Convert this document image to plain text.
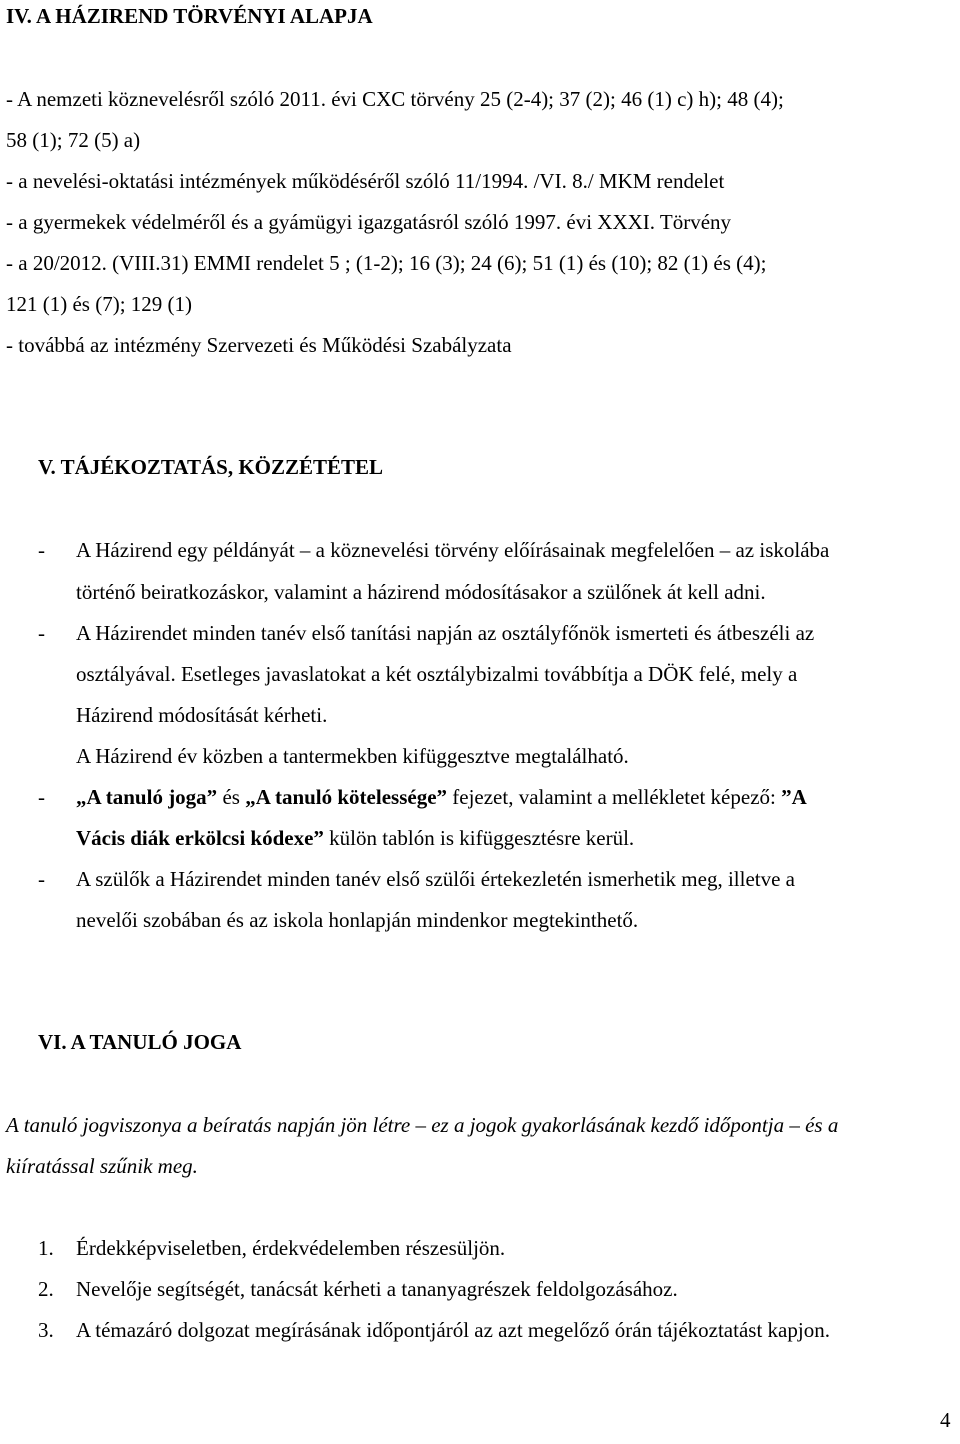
IV. A HÁZIREND TÖRVÉNYI ALAPJA
- A nemzeti köznevelésről szóló 2011. évi CXC törvény 25 (2-4); 37 (2); 46 (1) c) h); 48 (4);
58 (1); 72 (5) a)
- a nevelési-oktatási intézmények működéséről szóló 11/1994. /VI. 8./ MKM rendelet
- a gyermekek védelméről és a gyámügyi igazgatásról szóló 1997. évi XXXI. Törvény
- a 20/2012. (VIII.31) EMMI rendelet 5 ; (1-2); 16 (3); 24 (6); 51 (1) és (10); 82 (1) és (4);
121 (1) és (7); 129 (1)
- továbbá az intézmény Szervezeti és Működési Szabályzata
V. TÁJÉKOZTATÁS, KÖZZÉTÉTEL
- A Házirend egy példányát – a köznevelési törvény előírásainak megfelelően – az iskolába
történő beiratkozáskor, valamint a házirend módosításakor a szülőnek át kell adni.
- A Házirendet minden tanév első tanítási napján az osztályfőnök ismerteti és átbeszéli az
osztályával. Esetleges javaslatokat a két osztálybizalmi továbbítja a DÖK felé, mely a
Házirend módosítását kérheti.
A Házirend év közben a tantermekben kifüggesztve megtalálható.
- „A tanuló joga” és „A tanuló kötelessége” fejezet, valamint a mellékletet képező: ”A
Vácis diák erkölcsi kódexe” külön tablón is kifüggesztésre kerül.
- A szülők a Házirendet minden tanév első szülői értekezletén ismerhetik meg, illetve a
nevelői szobában és az iskola honlapján mindenkor megtekinthető.
VI. A TANULÓ JOGA
A tanuló jogviszonya a beíratás napján jön létre – ez a jogok gyakorlásának kezdő időpontja – és a
kiíratással szűnik meg.
1. Érdekképviseletben, érdekvédelemben részesüljön.
2. Nevelője segítségét, tanácsát kérheti a tananyagrészek feldolgozásához.
3. A témazáró dolgozat megírásának időpontjáról az azt megelőző órán tájékoztatást kapjon.
4
